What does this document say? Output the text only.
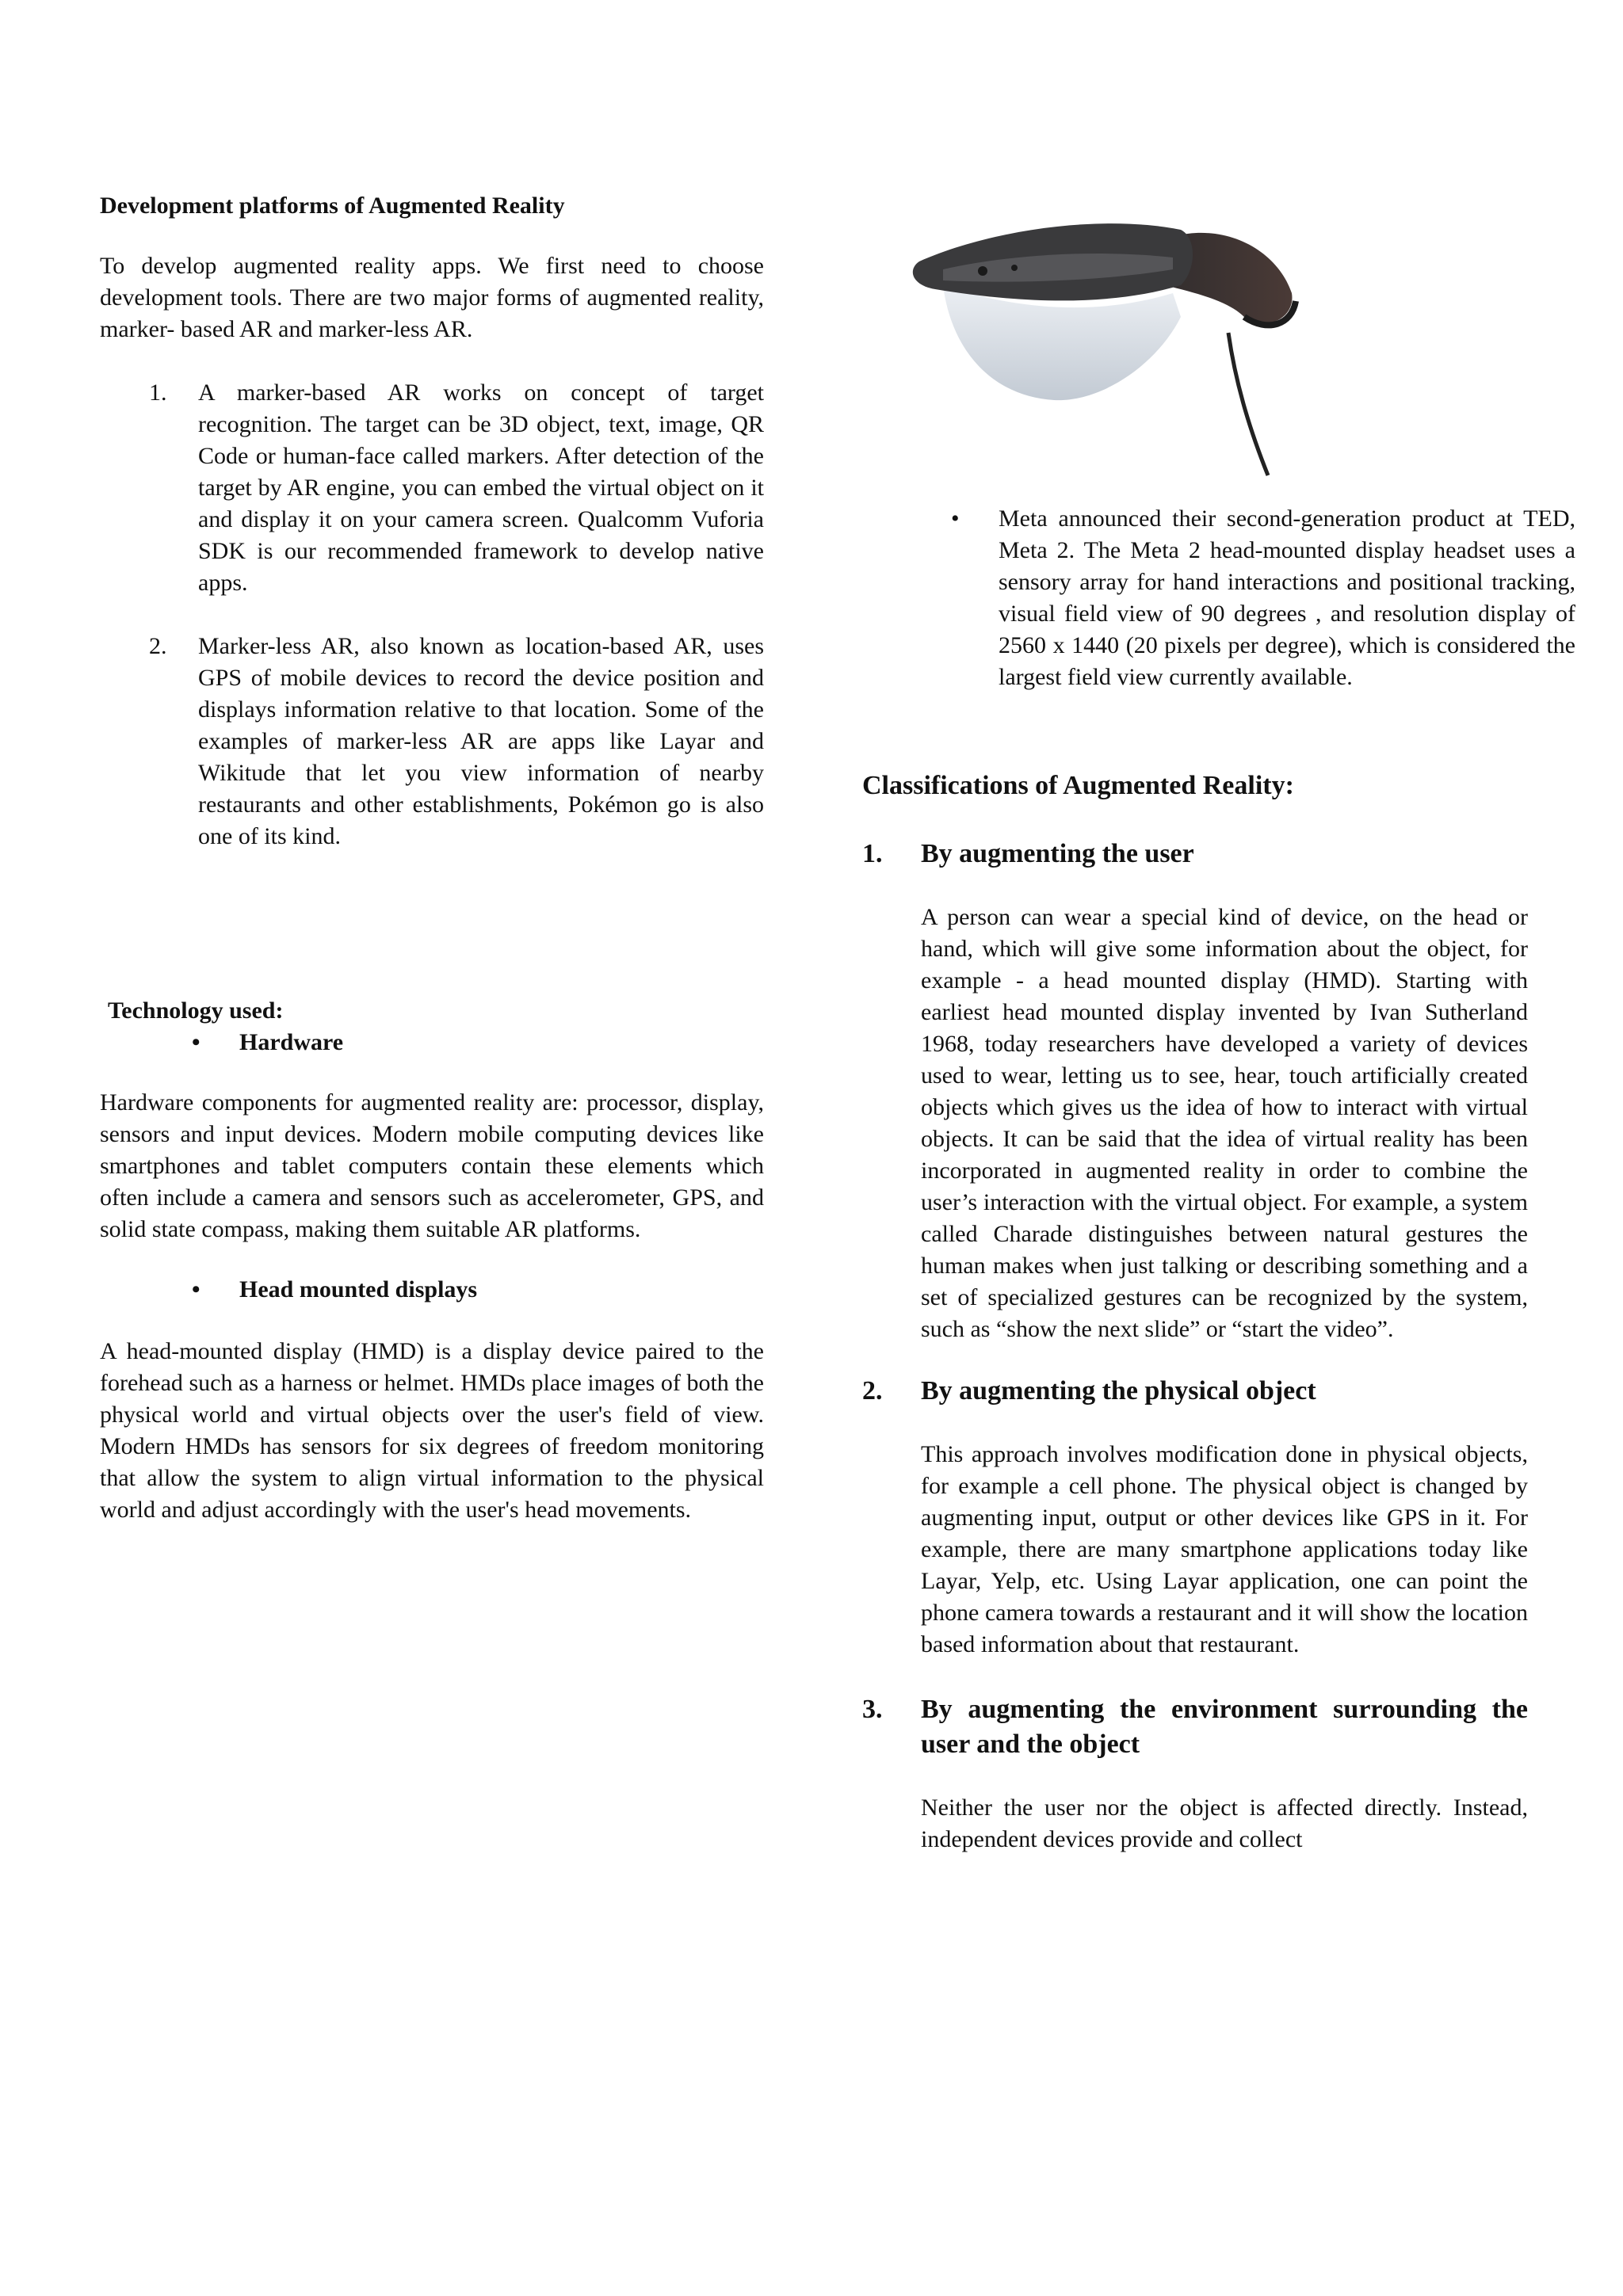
Development platforms of Augmented Reality

To develop augmented reality apps. We first need to choose development tools. There are two major forms of augmented reality, marker- based AR and marker-less AR.

1. A marker-based AR works on concept of target recognition. The target can be 3D object, text, image, QR Code or human-face called markers. After detection of the target by AR engine, you can embed the virtual object on it and display it on your camera screen. Qualcomm Vuforia SDK is our recommended framework to develop native apps.

2. Marker-less AR, also known as location-based AR, uses GPS of mobile devices to record the device position and displays information relative to that location. Some of the examples of marker-less AR are apps like Layar and Wikitude that let you view information of nearby restaurants and other establishments, Pokémon go is also one of its kind.

Technology used:

• Hardware

Hardware components for augmented reality are: processor, display, sensors and input devices. Modern mobile computing devices like smartphones and tablet computers contain these elements which often include a camera and sensors such as accelerometer, GPS, and solid state compass, making them suitable AR platforms.

• Head mounted displays

A head-mounted display (HMD) is a display device paired to the forehead such as a harness or helmet. HMDs place images of both the physical world and virtual objects over the user's field of view. Modern HMDs has sensors for six degrees of freedom monitoring that allow the system to align virtual information to the physical world and adjust accordingly with the user's head movements.

• Meta announced their second-generation product at TED, Meta 2. The Meta 2 head-mounted display headset uses a sensory array for hand interactions and positional tracking, visual field view of 90 degrees , and resolution display of 2560 x 1440 (20 pixels per degree), which is considered the largest field view currently available.

Classifications of Augmented Reality:

1. By augmenting the user

A person can wear a special kind of device, on the head or hand, which will give some information about the object, for example - a head mounted display (HMD). Starting with earliest head mounted display invented by Ivan Sutherland 1968, today researchers have developed a variety of devices used to wear, letting us to see, hear, touch artificially created objects which gives us the idea of how to interact with virtual objects. It can be said that the idea of virtual reality has been incorporated in augmented reality in order to combine the user’s interaction with the virtual object. For example, a system called Charade distinguishes between natural gestures the human makes when just talking or describing something and a set of specialized gestures can be recognized by the system, such as “show the next slide” or “start the video”.

2. By augmenting the physical object

This approach involves modification done in physical objects, for example a cell phone. The physical object is changed by augmenting input, output or other devices like GPS in it. For example, there are many smartphone applications today like Layar, Yelp, etc. Using Layar application, one can point the phone camera towards a restaurant and it will show the location based information about that restaurant.

3. By augmenting the environment surrounding the user and the object

Neither the user nor the object is affected directly. Instead, independent devices provide and collect
